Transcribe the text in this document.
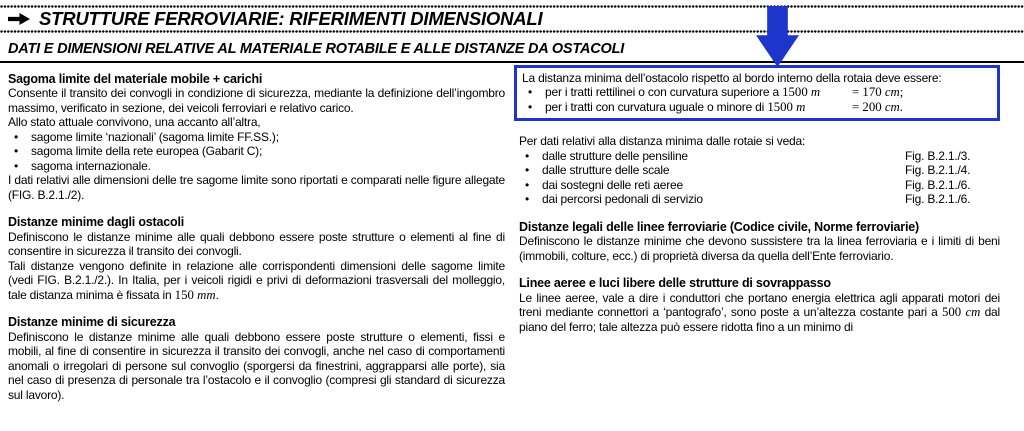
STRUTTURE FERROVIARIE: RIFERIMENTI DIMENSIONALI
DATI E DIMENSIONI RELATIVE AL MATERIALE ROTABILE E ALLE DISTANZE DA OSTACOLI
Sagoma limite del materiale mobile + carichi

Consente il transito dei convogli in condizione di sicurezza, mediante la definizione dell’ingombro massimo, verificato in sezione, dei veicoli ferroviari e relativo carico.

Allo stato attuale convivono, una accanto all’altra,

• sagome limite ‘nazionali’ (sagoma limite FF.SS.);
• sagoma limite della rete europea (Gabarit C);
• sagoma internazionale.

I dati relativi alle dimensioni delle tre sagome limite sono riportati e comparati nelle figure allegate (FIG. B.2.1./2).

Distanze minime dagli ostacoli

Definiscono le distanze minime alle quali debbono essere poste strutture o elementi al fine di consentire in sicurezza il transito dei convogli.

Tali distanze vengono definite in relazione alle corrispondenti dimensioni delle sagome limite (vedi FIG. B.2.1./2.). In Italia, per i veicoli rigidi e privi di deformazioni trasversali del molleggio, tale distanza minima è fissata in 150 mm.

Distanze minime di sicurezza

Definiscono le distanze minime alle quali debbono essere poste strutture o elementi, fissi e mobili, al fine di consentire in sicurezza il transito dei convogli, anche nel caso di comportamenti anomali o irregolari di persone sul convoglio (sporgersi da finestrini, aggrapparsi alle porte), sia nel caso di presenza di personale tra l’ostacolo e il convoglio (compresi gli standard di sicurezza sul lavoro).

La distanza minima dell’ostacolo rispetto al bordo interno della rotaia deve essere:

• per i tratti rettilinei o con curvatura superiore a 1500 m	= 170 cm;
• per i tratti con curvatura uguale o minore di 1500 m	= 200 cm.

Per dati relativi alla distanza minima dalle rotaie si veda:

• dalle strutture delle pensiline	Fig. B.2.1./3.
• dalle strutture delle scale	Fig. B.2.1./4.
• dai sostegni delle reti aeree	Fig. B.2.1./6.
• dai percorsi pedonali di servizio	Fig. B.2.1./6.
Distanze legali delle linee ferroviarie (Codice civile, Norme ferroviarie)

Definiscono le distanze minime che devono sussistere tra la linea ferroviaria e i limiti di beni (immobili, colture, ecc.) di proprietà diversa da quella dell’Ente ferroviario.

Linee aeree e luci libere delle strutture di sovrappasso

Le linee aeree, vale a dire i conduttori che portano energia elettrica agli apparati motori dei treni mediante connettori a ‘pantografo’, sono poste a un’altezza costante pari a 500 cm dal piano del ferro; tale altezza può essere ridotta fino a un minimo di
